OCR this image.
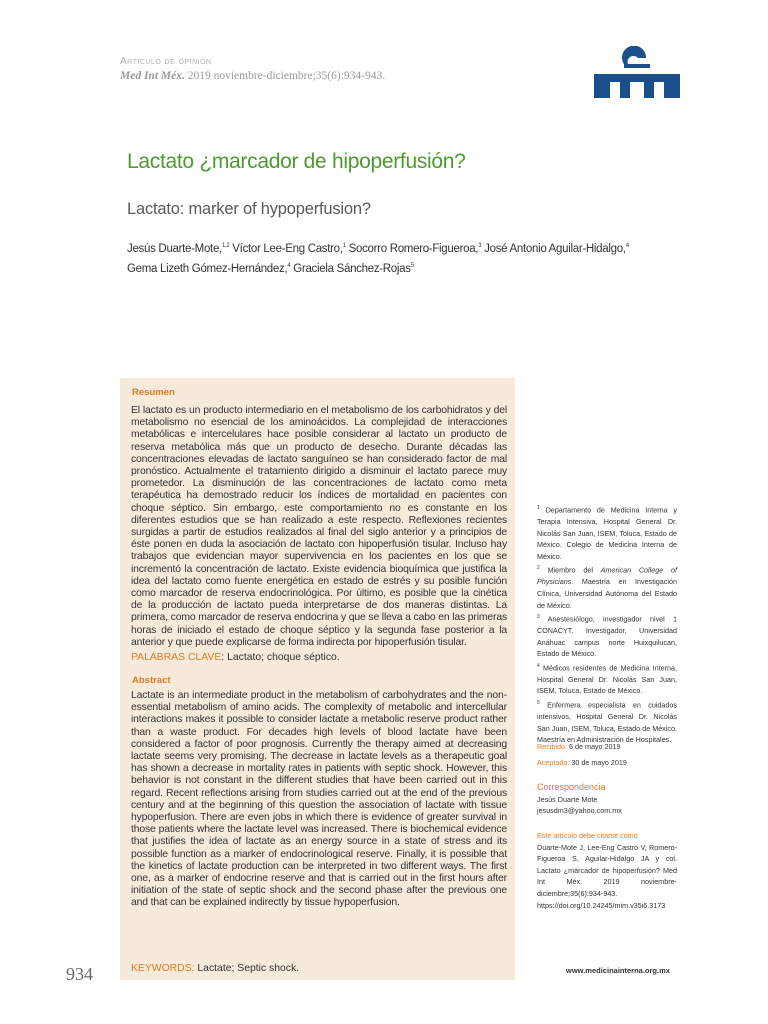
Artículo de opinión
Med Int Méx. 2019 noviembre-diciembre;35(6):934-943.
Lactato ¿marcador de hipoperfusión?
Lactato: marker of hypoperfusion?
Jesús Duarte-Mote,$^{1,2}$ Víctor Lee-Eng Castro,$^1$ Socorro Romero-Figueroa,$^3$ José Antonio Aguilar-Hidalgo,$^4$ Gema Lizeth Gómez-Hernández,$^4$ Graciela Sánchez-Rojas$^5$
Resumen
El lactato es un producto intermediario en el metabolismo de los carbohidratos y del metabolismo no esencial de los aminoácidos. La complejidad de interacciones metabólicas e intercelulares hace posible considerar al lactato un producto de reserva metabólica más que un producto de desecho. Durante décadas las concentraciones elevadas de lactato sanguíneo se han considerado factor de mal pronóstico. Actualmente el tratamiento dirigido a disminuir el lactato parece muy prometedor. La disminución de las concentraciones de lactato como meta terapéutica ha demostrado reducir los índices de mortalidad en pacientes con choque séptico. Sin embargo, este comportamiento no es constante en los diferentes estudios que se han realizado a este respecto. Reflexiones recientes surgidas a partir de estudios realizados al final del siglo anterior y a principios de éste ponen en duda la asociación de lactato con hipoperfusión tisular. Incluso hay trabajos que evidencian mayor supervivencia en los pacientes en los que se incrementó la concentración de lactato. Existe evidencia bioquímica que justifica la idea del lactato como fuente energética en estado de estrés y su posible función como marcador de reserva endocrinológica. Por último, es posible que la cinética de la producción de lactato pueda interpretarse de dos maneras distintas. La primera, como marcador de reserva endocrina y que se lleva a cabo en las primeras horas de iniciado el estado de choque séptico y la segunda fase posterior a la anterior y que puede explicarse de forma indirecta por hipoperfusión tisular.
PALABRAS CLAVE: Lactato; choque séptico.
Abstract
Lactate is an intermediate product in the metabolism of carbohydrates and the non-essential metabolism of amino acids. The complexity of metabolic and intercellular interactions makes it possible to consider lactate a metabolic reserve product rather than a waste product. For decades high levels of blood lactate have been considered a factor of poor prognosis. Currently the therapy aimed at decreasing lactate seems very promising. The decrease in lactate levels as a therapeutic goal has shown a decrease in mortality rates in patients with septic shock. However, this behavior is not constant in the different studies that have been carried out in this regard. Recent reflections arising from studies carried out at the end of the previous century and at the beginning of this question the association of lactate with tissue hypoperfusion. There are even jobs in which there is evidence of greater survival in those patients where the lactate level was increased. There is biochemical evidence that justifies the idea of lactate as an energy source in a state of stress and its possible function as a marker of endocrinological reserve. Finally, it is possible that the kinetics of lactate production can be interpreted in two different ways. The first one, as a marker of endocrine reserve and that is carried out in the first hours after initiation of the state of septic shock and the second phase after the previous one and that can be explained indirectly by tissue hypoperfusion.
KEYWORDS: Lactate; Septic shock.
$^1$ Departamento de Medicina Interna y Terapia Intensiva, Hospital General Dr. Nicolás San Juan, ISEM, Toluca, Estado de México. Colegio de Medicina Interna de México.
$^2$ Miembro del American College of Physicians. Maestría en Investigación Clínica, Universidad Autónoma del Estado de México.
$^3$ Anestesiólogo, investigador nivel 1 CONACYT. Investigador, Universidad Anáhuac campus norte Huixquilucan, Estado de México.
$^4$ Médicos residentes de Medicina Interna, Hospital General Dr. Nicolás San Juan, ISEM, Toluca, Estado de México.
$^5$ Enfermera especialista en cuidados intensivos, Hospital General Dr. Nicolás San Juan, ISEM, Toluca, Estado de México. Maestría en Administración de Hospitales.
Recibido: 6 de mayo 2019
Aceptado: 30 de mayo 2019
Correspondencia
Jesús Duarte Mote
jesusdm3@yahoo.com.mx
Este artículo debe citarse como
Duarte-Mote J, Lee-Eng Castro V, Romero-Figueroa S, Aguilar-Hidalgo JA y col. Lactato ¿marcador de hipoperfusión? Med Int Méx. 2019 noviembre-diciembre;35(6):934-943.
https://doi.org/10.24245/mim.v35i6.3173
934	www.medicinainterna.org.mx
